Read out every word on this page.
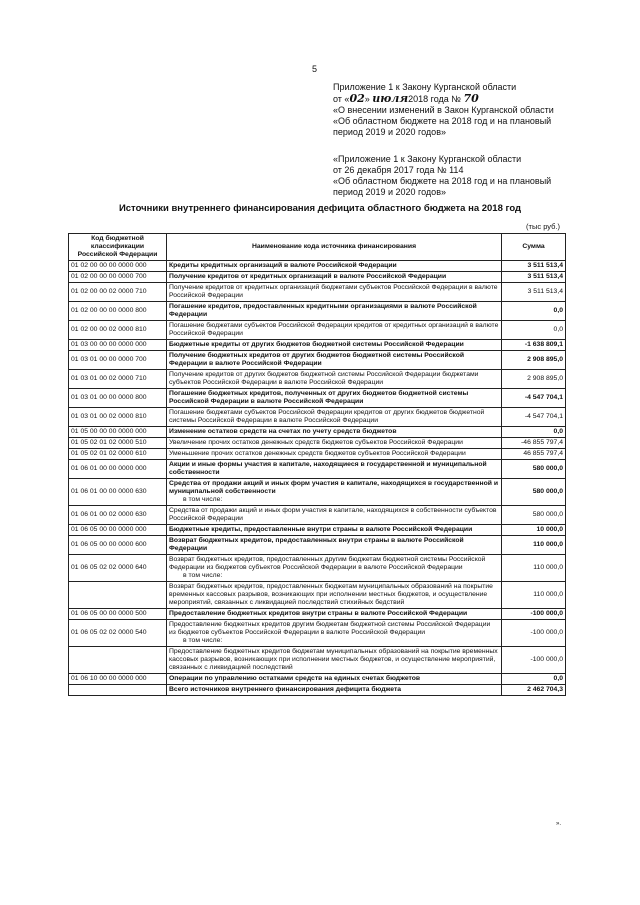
5
Приложение 1 к Закону Курганской области
от «02» июля2018 года № 70
«О внесении изменений в Закон Курганской области
«Об областном бюджете на 2018 год и на плановый
период 2019 и 2020 годов»
«Приложение 1 к Закону Курганской области
от 26 декабря 2017 года № 114
«Об областном бюджете на 2018 год и на плановый
период 2019 и 2020 годов»
Источники внутреннего финансирования дефицита областного бюджета на 2018 год
(тыс руб.)
Код бюджетной классификации Российской Федерации	Наименование кода источника финансирования	Сумма
01 02 00 00 00 0000 000	Кредиты кредитных организаций в валюте Российской Федерации	3 511 513,4
01 02 00 00 00 0000 700	Получение кредитов от кредитных организаций в валюте Российской Федерации	3 511 513,4
01 02 00 00 02 0000 710	Получение кредитов от кредитных организаций бюджетами субъектов Российской Федерации в валюте Российской Федерации	3 511 513,4
01 02 00 00 00 0000 800	Погашение кредитов, предоставленных кредитными организациями в валюте Российской Федерации	0,0
01 02 00 00 02 0000 810	Погашение бюджетами субъектов Российской Федерации кредитов от кредитных организаций в валюте Российской Федерации	0,0
01 03 00 00 00 0000 000	Бюджетные кредиты от других бюджетов бюджетной системы Российской Федерации	-1 638 809,1
01 03 01 00 00 0000 700	Получение бюджетных кредитов от других бюджетов бюджетной системы Российской Федерации в валюте Российской Федерации	2 908 895,0
01 03 01 00 02 0000 710	Получение кредитов от других бюджетов бюджетной системы Российской Федерации бюджетами субъектов Российской Федерации в валюте Российской Федерации	2 908 895,0
01 03 01 00 00 0000 800	Погашение бюджетных кредитов, полученных от других бюджетов бюджетной системы Российской Федерации в валюте Российской Федерации	-4 547 704,1
01 03 01 00 02 0000 810	Погашение бюджетами субъектов Российской Федерации кредитов от других бюджетов бюджетной системы Российской Федерации в валюте Российской Федерации	-4 547 704,1
01 05 00 00 00 0000 000	Изменение остатков средств на счетах по учету средств бюджетов	0,0
01 05 02 01 02 0000 510	Увеличение прочих остатков денежных средств бюджетов субъектов Российской Федерации	-46 855 797,4
01 05 02 01 02 0000 610	Уменьшение прочих остатков денежных средств бюджетов субъектов Российской Федерации	46 855 797,4
01 06 01 00 00 0000 000	Акции и иные формы участия в капитале, находящиеся в государственной и муниципальной собственности	580 000,0
01 06 01 00 00 0000 630	Средства от продажи акций и иных форм участия в капитале, находящихся в государственной и муниципальной собственности
в том числе:	580 000,0
01 06 01 00 02 0000 630	Средства от продажи акций и иных форм участия в капитале, находящихся в собственности субъектов Российской Федерации	580 000,0
01 06 05 00 00 0000 000	Бюджетные кредиты, предоставленные внутри страны в валюте Российской Федерации	10 000,0
01 06 05 00 00 0000 600	Возврат бюджетных кредитов, предоставленных внутри страны в валюте Российской Федерации	110 000,0
01 06 05 02 02 0000 640	Возврат бюджетных кредитов, предоставленных другим бюджетам бюджетной системы Российской Федерации из бюджетов субъектов Российской Федерации в валюте Российской Федерации
в том числе:	110 000,0
	Возврат бюджетных кредитов, предоставленных бюджетам муниципальных образований на покрытие временных кассовых разрывов, возникающих при исполнении местных бюджетов, и осуществление мероприятий, связанных с ликвидацией последствий стихийных бедствий	110 000,0
01 06 05 00 00 0000 500	Предоставление бюджетных кредитов внутри страны в валюте Российской Федерации	-100 000,0
01 06 05 02 02 0000 540	Предоставление бюджетных кредитов другим бюджетам бюджетной системы Российской Федерации из бюджетов субъектов Российской Федерации в валюте Российской Федерации
в том числе:	-100 000,0
	Предоставление бюджетных кредитов бюджетам муниципальных образований на покрытие временных кассовых разрывов, возникающих при исполнении местных бюджетов, и осуществление мероприятий, связанных с ликвидацией последствий	-100 000,0
01 06 10 00 00 0000 000	Операции по управлению остатками средств на единых счетах бюджетов	0,0
	Всего источников внутреннего финансирования дефицита бюджета	2 462 704,3
».
